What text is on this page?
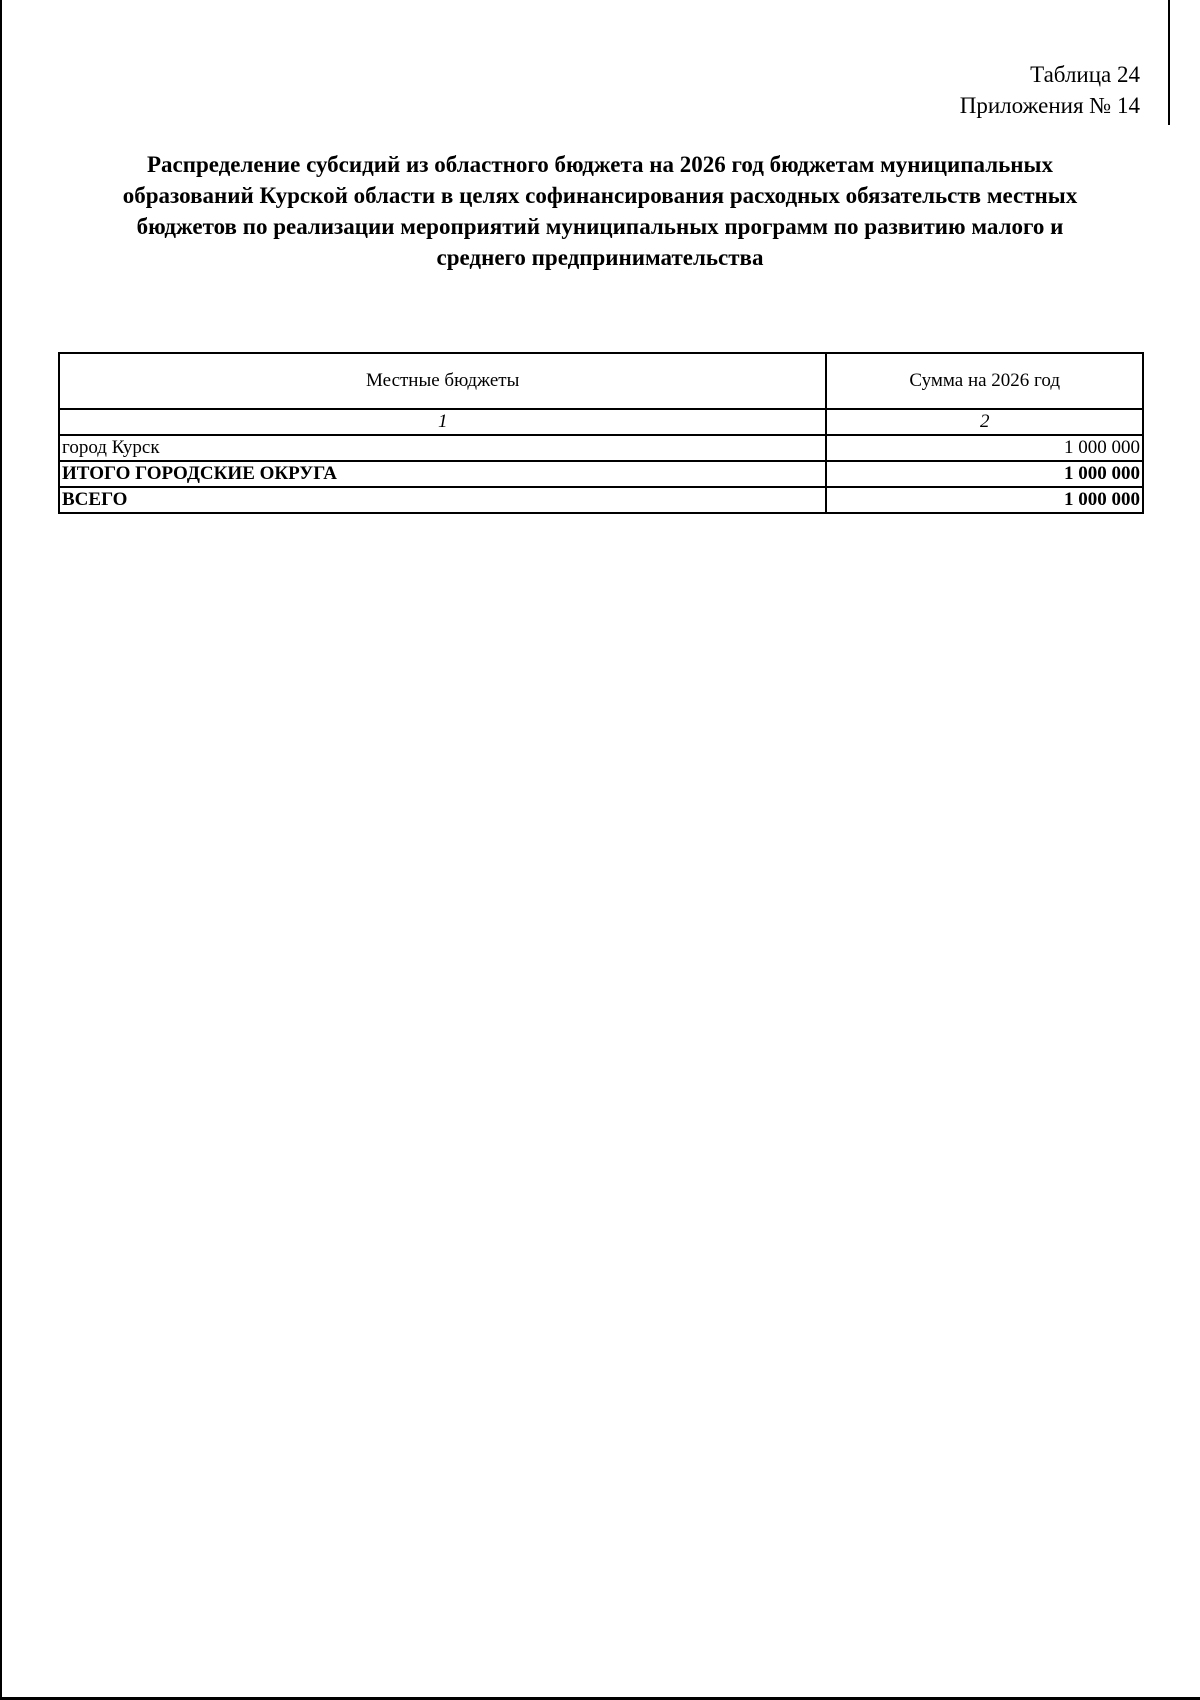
Таблица 24
Приложения № 14
Распределение субсидий из областного бюджета на 2026 год бюджетам муниципальных
образований Курской области в целях софинансирования расходных обязательств местных
бюджетов по реализации мероприятий муниципальных программ по развитию малого и
среднего предпринимательства
Местные бюджеты	Сумма на 2026 год
1	2
город Курск	1 000 000
ИТОГО ГОРОДСКИЕ ОКРУГА	1 000 000
ВСЕГО	1 000 000
